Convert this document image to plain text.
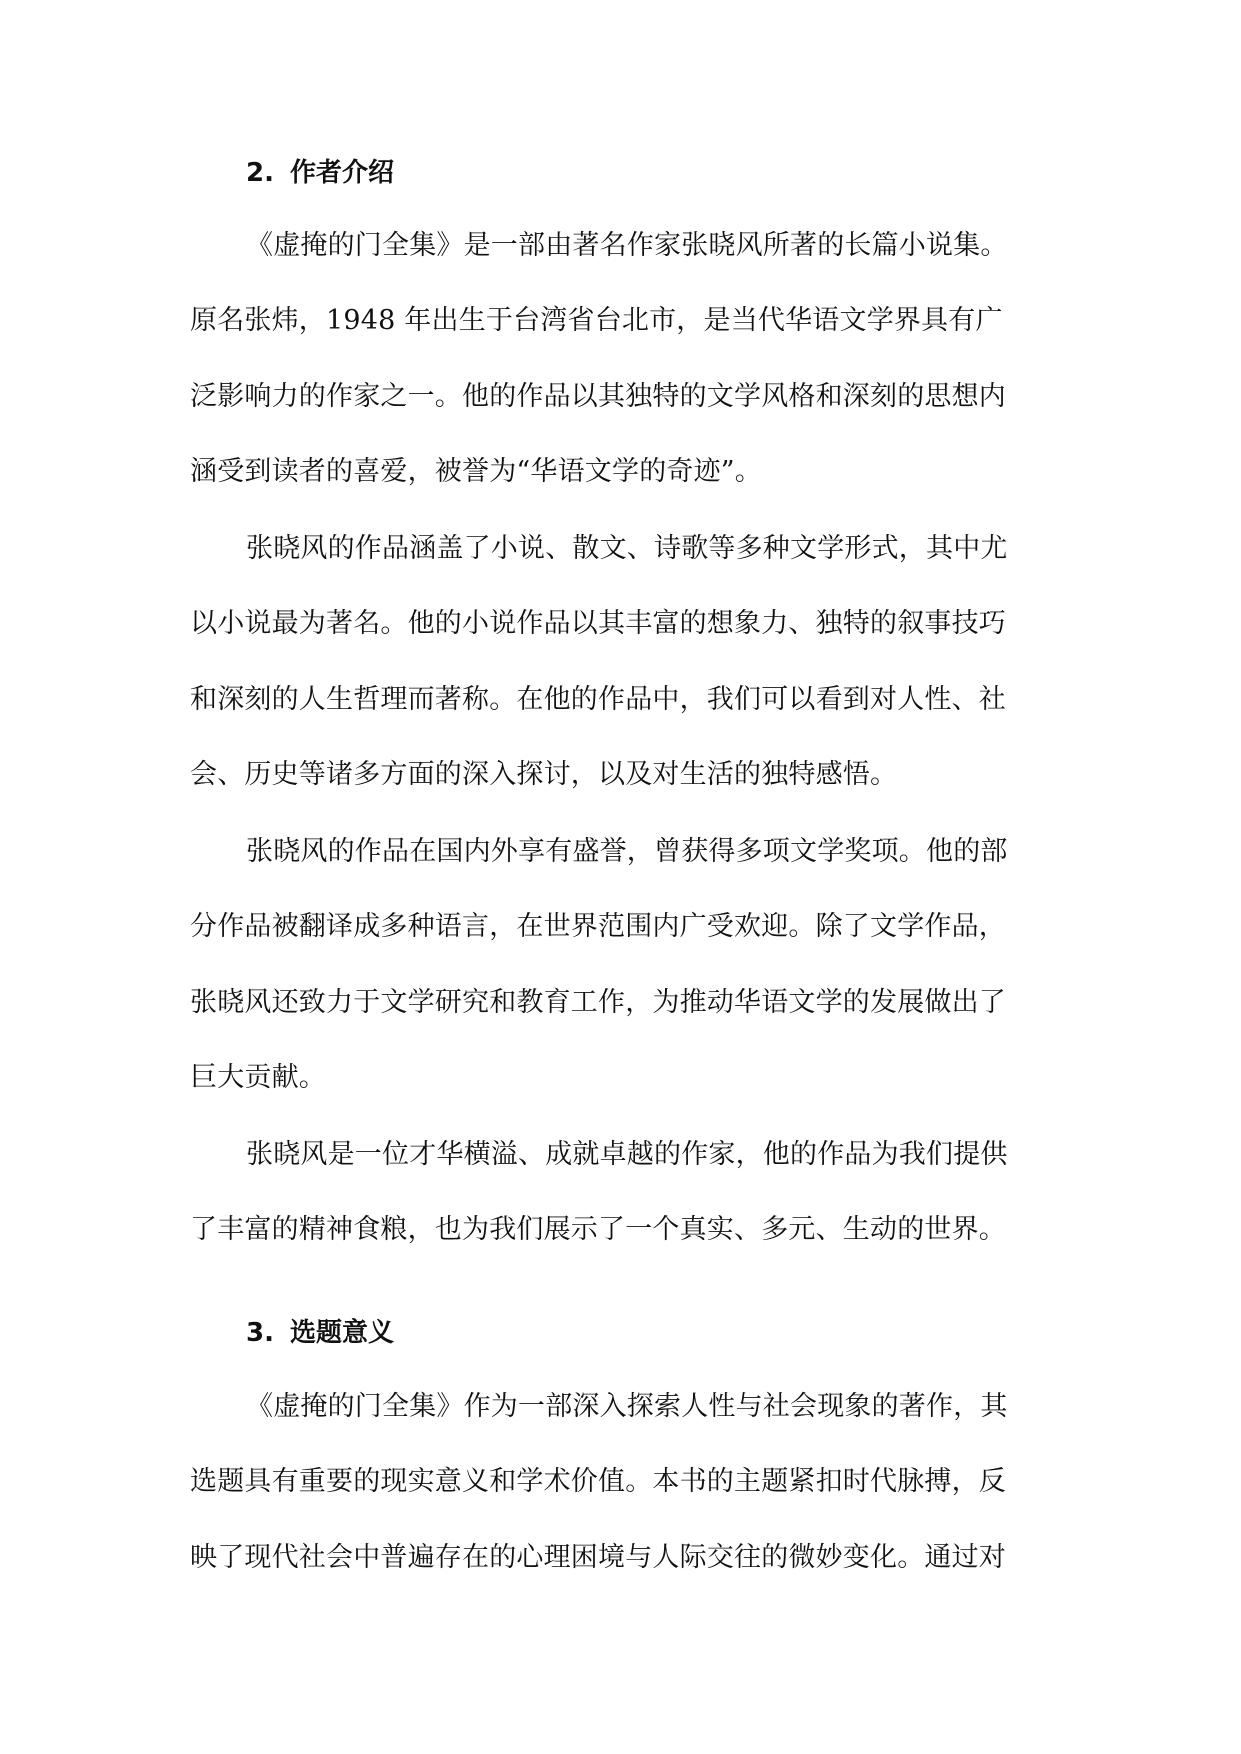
2. 作者介绍
《虚掩的门全集》是一部由著名作家张晓风所著的长篇小说集。
原名张炜，1948 年出生于台湾省台北市，是当代华语文学界具有广
泛影响力的作家之一。他的作品以其独特的文学风格和深刻的思想内
涵受到读者的喜爱，被誉为“华语文学的奇迹”。
张晓风的作品涵盖了小说、散文、诗歌等多种文学形式，其中尤
以小说最为著名。他的小说作品以其丰富的想象力、独特的叙事技巧
和深刻的人生哲理而著称。在他的作品中，我们可以看到对人性、社
会、历史等诸多方面的深入探讨，以及对生活的独特感悟。
张晓风的作品在国内外享有盛誉，曾获得多项文学奖项。他的部
分作品被翻译成多种语言，在世界范围内广受欢迎。除了文学作品，
张晓风还致力于文学研究和教育工作，为推动华语文学的发展做出了
巨大贡献。
张晓风是一位才华横溢、成就卓越的作家，他的作品为我们提供
了丰富的精神食粮，也为我们展示了一个真实、多元、生动的世界。
3. 选题意义
《虚掩的门全集》作为一部深入探索人性与社会现象的著作，其
选题具有重要的现实意义和学术价值。本书的主题紧扣时代脉搏，反
映了现代社会中普遍存在的心理困境与人际交往的微妙变化。通过对
